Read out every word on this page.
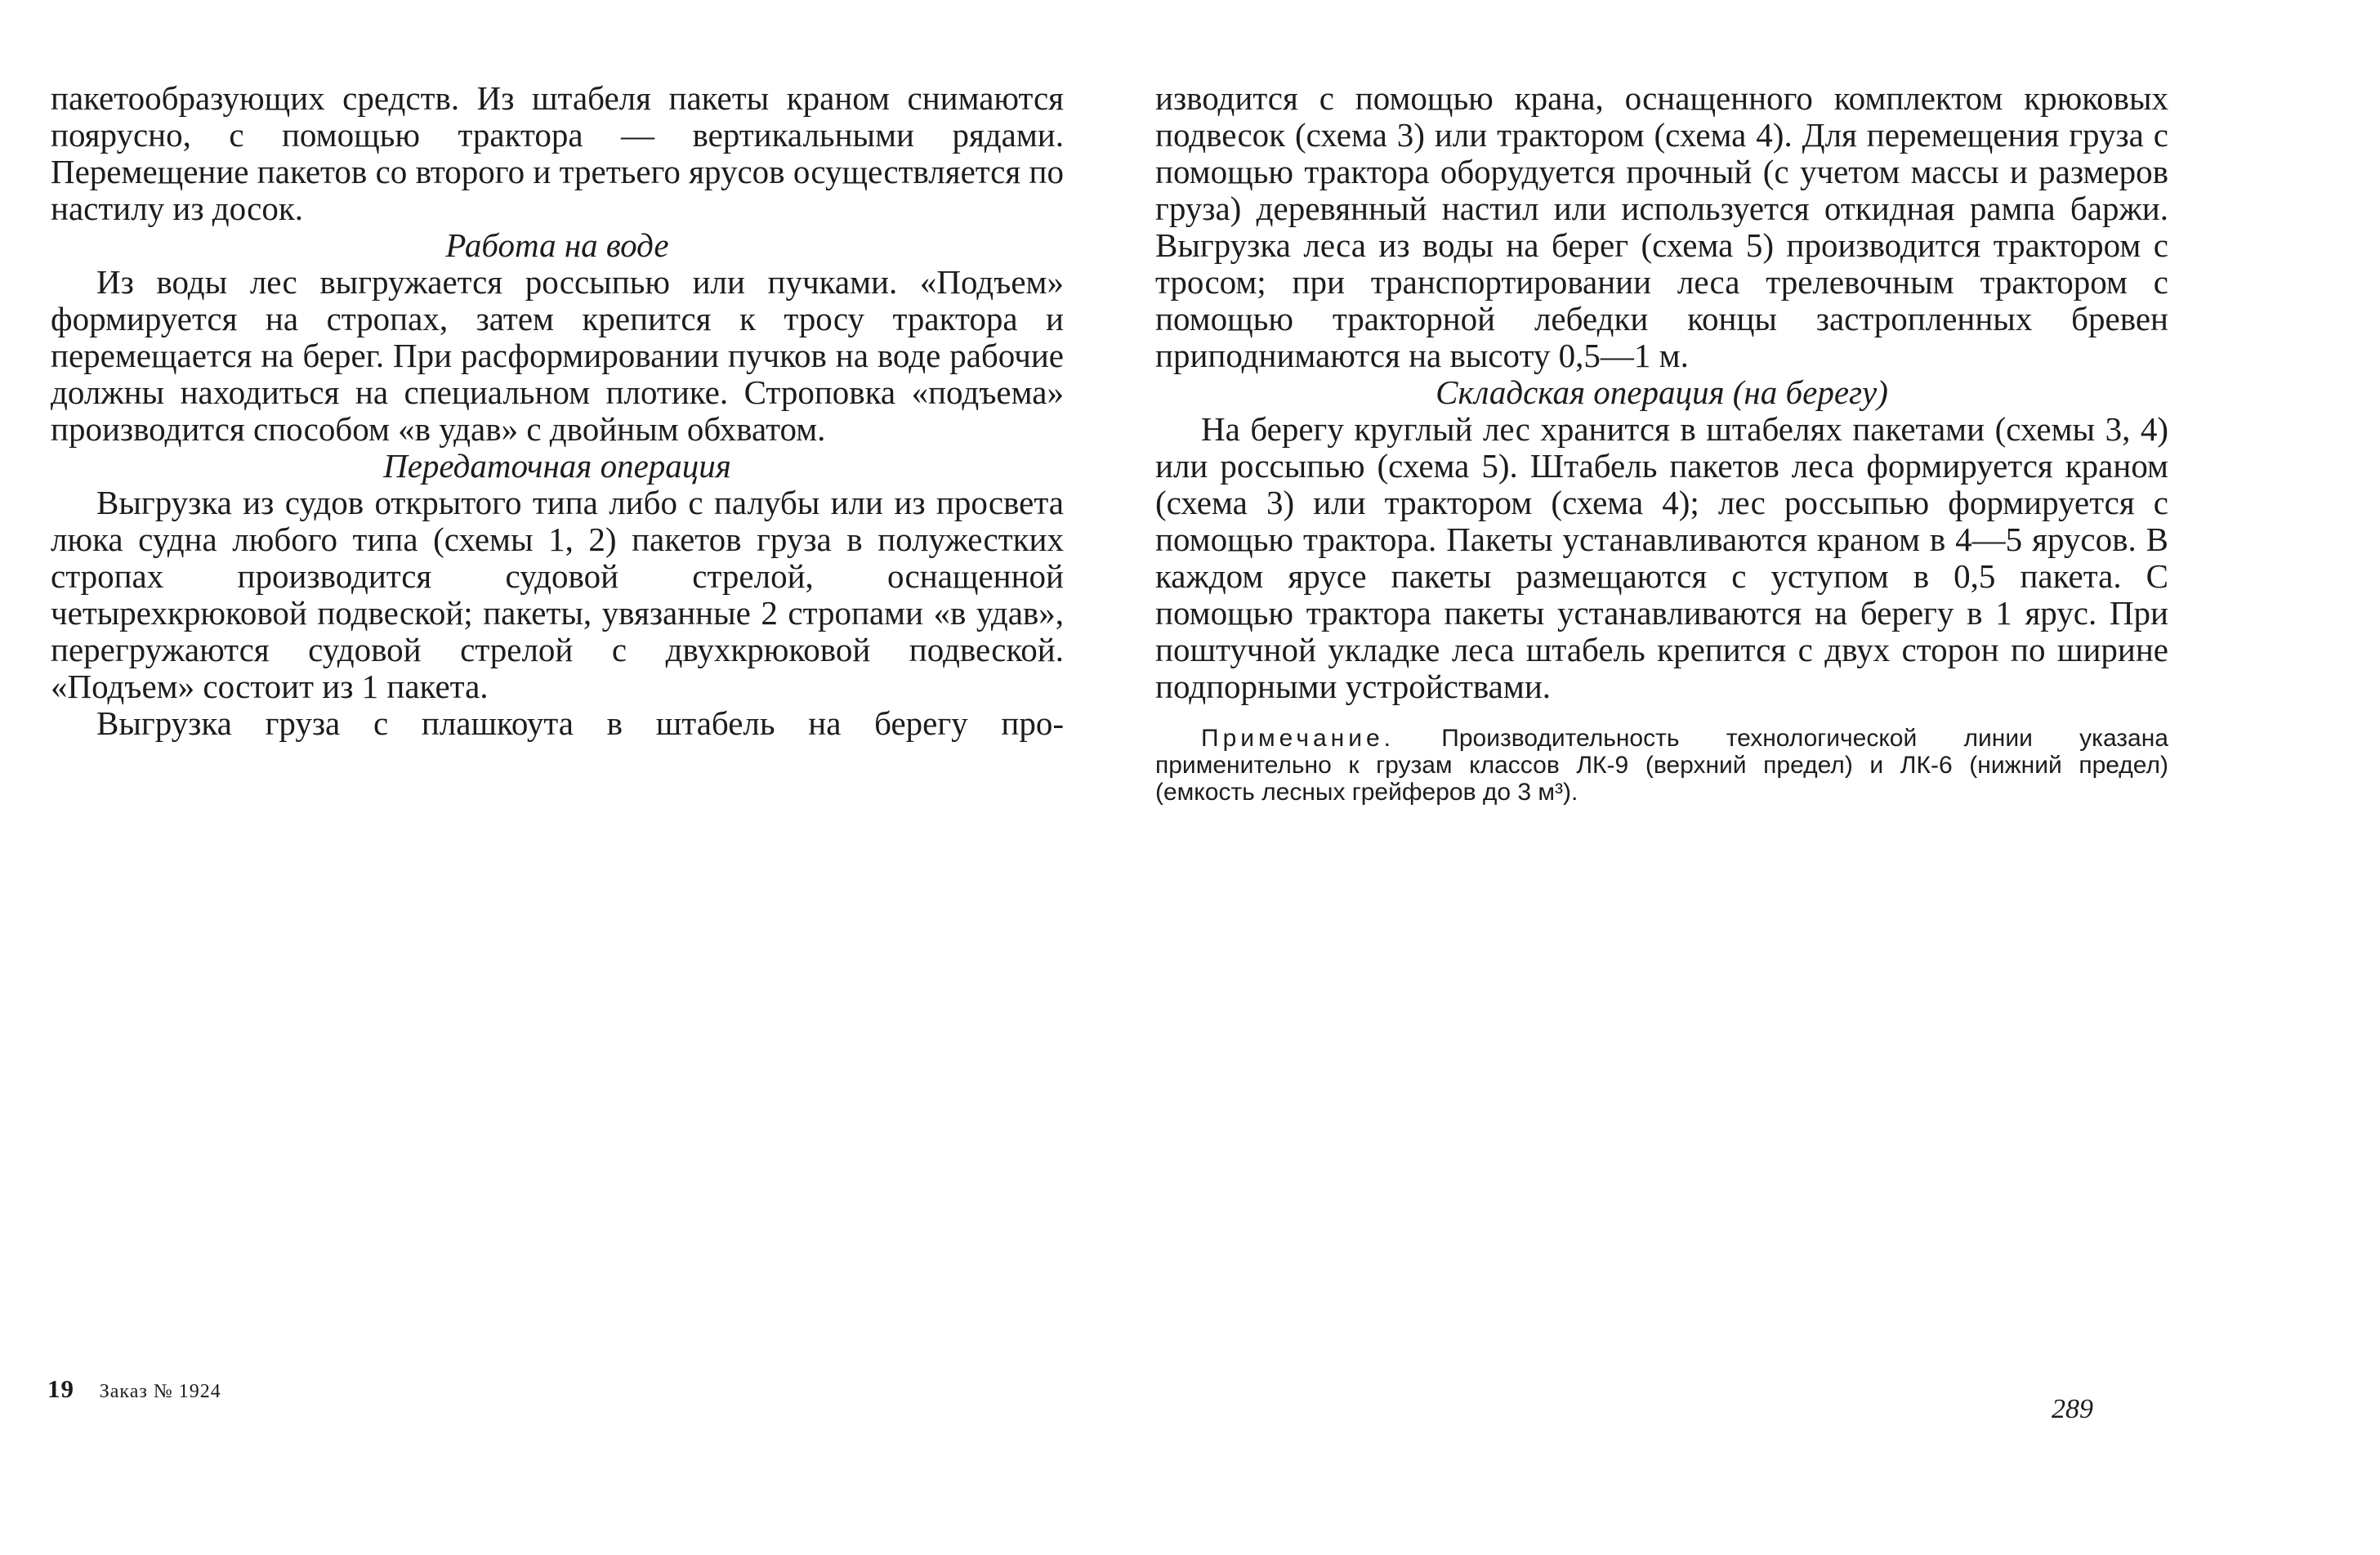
пакетообразующих средств. Из штабеля пакеты краном снимаются поярусно, с помощью трактора — вертикальными рядами. Перемещение пакетов со второго и третьего ярусов осуществляется по настилу из досок.

Работа на воде

Из воды лес выгружается россыпью или пучками. «Подъем» формируется на стропах, затем крепится к тросу трактора и перемещается на берег. При расформировании пучков на воде рабочие должны находиться на специальном плотике. Строповка «подъема» производится способом «в удав» с двойным обхватом.

Передаточная операция

Выгрузка из судов открытого типа либо с палубы или из просвета люка судна любого типа (схемы 1, 2) пакетов груза в полужестких стропах производится судовой стрелой, оснащенной четырехкрюковой подвеской; пакеты, увязанные 2 стропами «в удав», перегружаются судовой стрелой с двухкрюковой подвеской. «Подъем» состоит из 1 пакета.

Выгрузка груза с плашкоута в штабель на берегу про-

изводится с помощью крана, оснащенного комплектом крюковых подвесок (схема 3) или трактором (схема 4). Для перемещения груза с помощью трактора оборудуется прочный (с учетом массы и размеров груза) деревянный настил или используется откидная рампа баржи. Выгрузка леса из воды на берег (схема 5) производится трактором с тросом; при транспортировании леса трелевочным трактором с помощью тракторной лебедки концы застропленных бревен приподнимаются на высоту 0,5—1 м.

Складская операция (на берегу)

На берегу круглый лес хранится в штабелях пакетами (схемы 3, 4) или россыпью (схема 5). Штабель пакетов леса формируется краном (схема 3) или трактором (схема 4); лес россыпью формируется с помощью трактора. Пакеты устанавливаются краном в 4—5 ярусов. В каждом ярусе пакеты размещаются с уступом в 0,5 пакета. С помощью трактора пакеты устанавливаются на берегу в 1 ярус. При поштучной укладке леса штабель крепится с двух сторон по ширине подпорными устройствами.

Примечание. Производительность технологической линии указана применительно к грузам классов ЛК-9 (верхний предел) и ЛК-6 (нижний предел) (емкость лесных грейферов до 3 м³).

19 Заказ № 1924
289
